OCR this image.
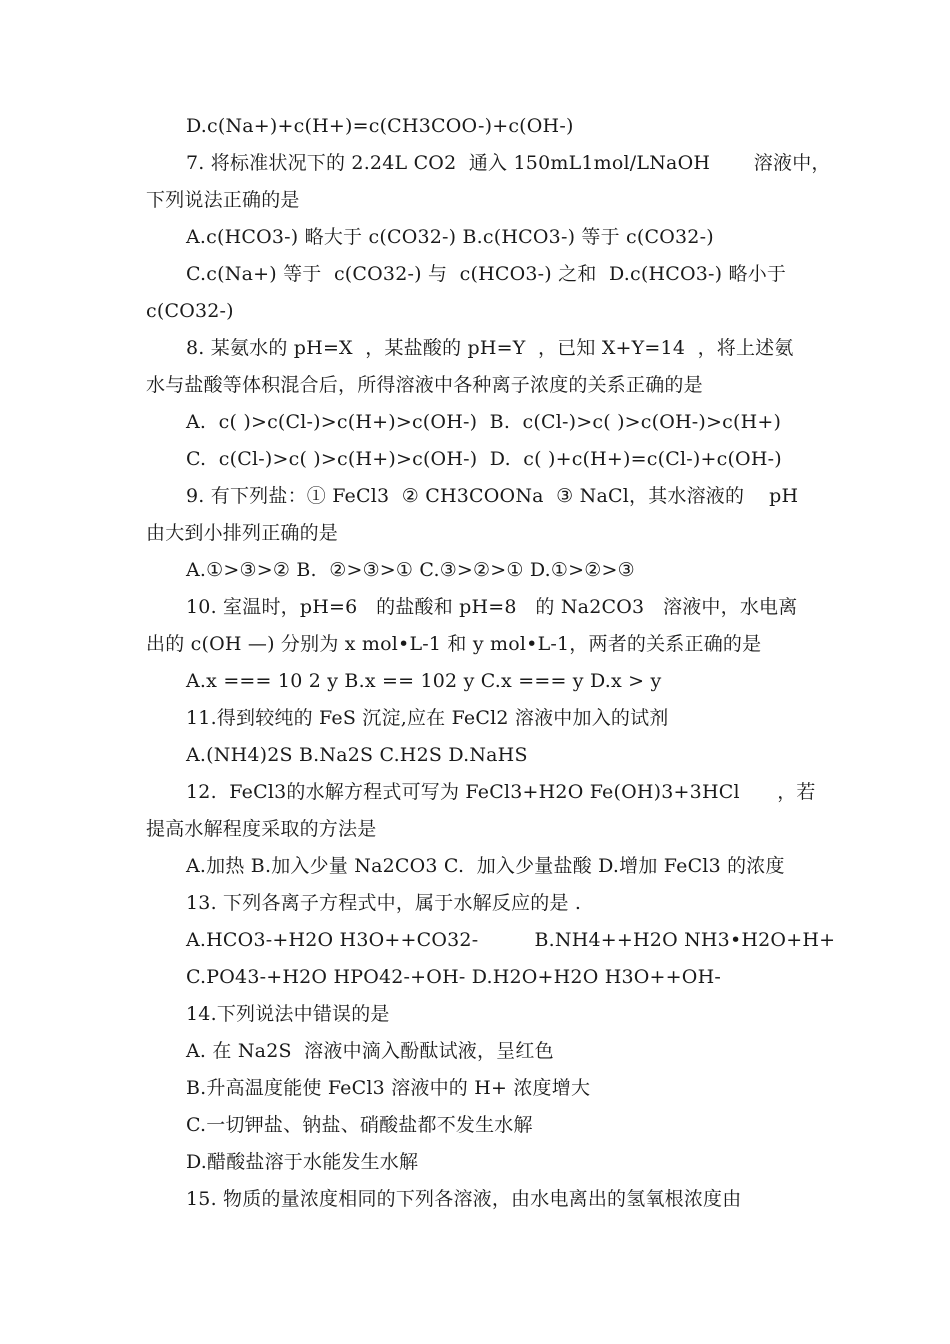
D.c(Na+)+c(H+)=c(CH3COO-)+c(OH-)
7. 将标准状况下的 2.24L CO2  通入 150mL1mol/LNaOH       溶液中，
下列说法正确的是
A.c(HCO3-) 略大于 c(CO32-) B.c(HCO3-) 等于 c(CO32-)
C.c(Na+) 等于  c(CO32-) 与  c(HCO3-) 之和  D.c(HCO3-) 略小于
c(CO32-)
8. 某氨水的 pH=X  ，某盐酸的 pH=Y  ，已知 X+Y=14  ，将上述氨
水与盐酸等体积混合后，所得溶液中各种离子浓度的关系正确的是
A.  c( )>c(Cl-)>c(H+)>c(OH-)  B.  c(Cl-)>c( )>c(OH-)>c(H+)
C.  c(Cl-)>c( )>c(H+)>c(OH-)  D.  c( )+c(H+)=c(Cl-)+c(OH-)
9. 有下列盐：① FeCl3  ② CH3COONa  ③ NaCl，其水溶液的    pH
由大到小排列正确的是
A.①>③>② B.  ②>③>① C.③>②>① D.①>②>③
10. 室温时，pH=6   的盐酸和 pH=8   的 Na2CO3   溶液中，水电离
出的 c(OH —) 分别为 x mol•L-1 和 y mol•L-1，两者的关系正确的是
A.x === 10 2 y B.x == 102 y C.x === y D.x > y
11.得到较纯的 FeS 沉淀,应在 FeCl2 溶液中加入的试剂
A.(NH4)2S B.Na2S C.H2S D.NaHS
12.  FeCl3的水解方程式可写为 FeCl3+H2O Fe(OH)3+3HCl      ，若
提高水解程度采取的方法是
A.加热 B.加入少量 Na2CO3 C.  加入少量盐酸 D.增加 FeCl3 的浓度
13. 下列各离子方程式中，属于水解反应的是 .
A.HCO3-+H2O H3O++CO32-         B.NH4++H2O NH3•H2O+H+
C.PO43-+H2O HPO42-+OH- D.H2O+H2O H3O++OH-
14.下列说法中错误的是
A. 在 Na2S  溶液中滴入酚酞试液，呈红色
B.升高温度能使 FeCl3 溶液中的 H+ 浓度增大
C.一切钾盐、钠盐、硝酸盐都不发生水解
D.醋酸盐溶于水能发生水解
15. 物质的量浓度相同的下列各溶液，由水电离出的氢氧根浓度由
